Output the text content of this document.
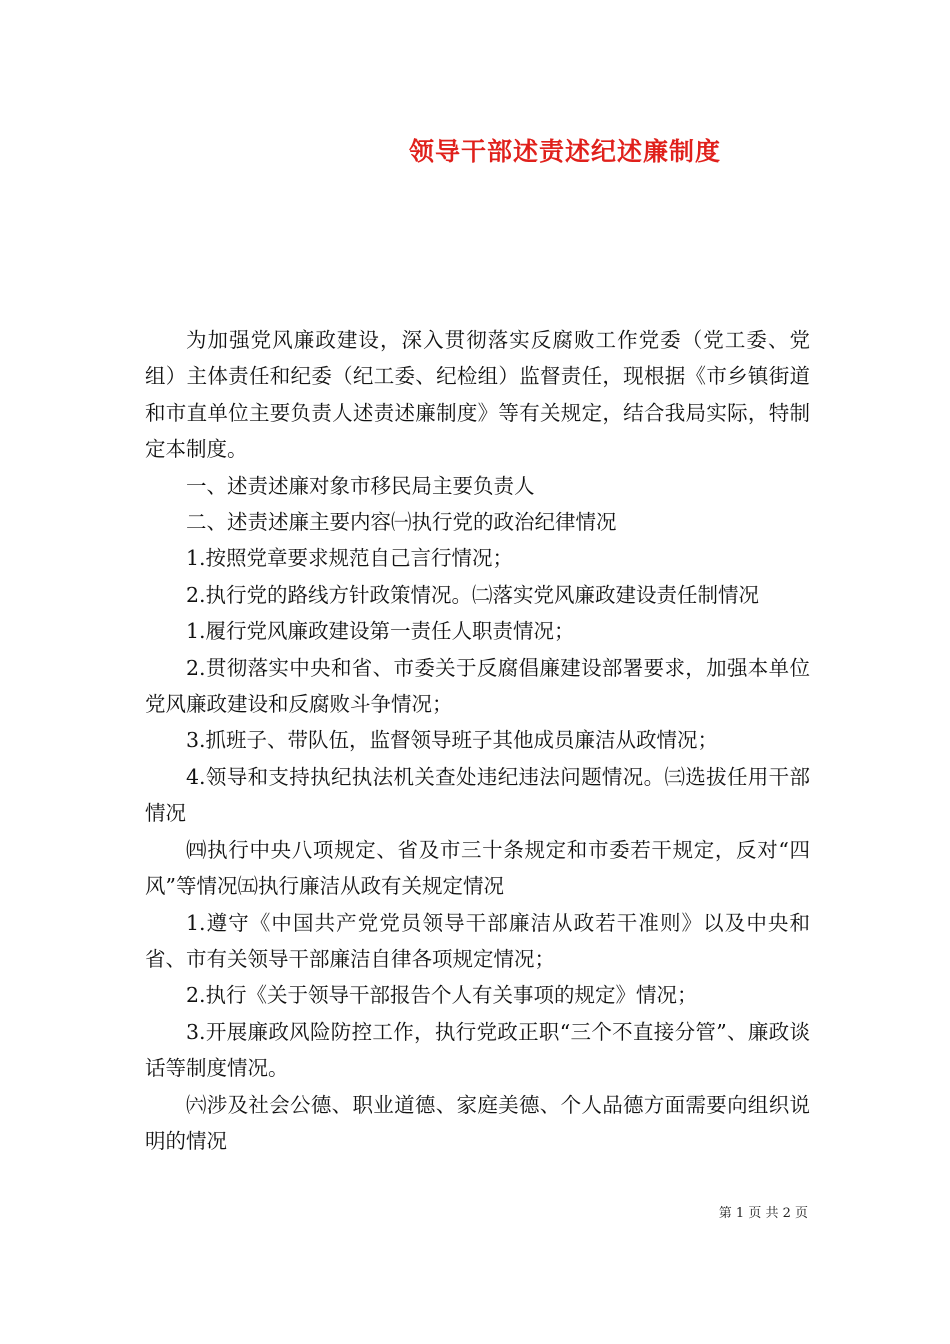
领导干部述责述纪述廉制度

为加强党风廉政建设，深入贯彻落实反腐败工作党委（党工委、党组）主体责任和纪委（纪工委、纪检组）监督责任，现根据《市乡镇街道和市直单位主要负责人述责述廉制度》等有关规定，结合我局实际，特制定本制度。

一、述责述廉对象市移民局主要负责人

二、述责述廉主要内容㈠执行党的政治纪律情况

1.按照党章要求规范自己言行情况；

2.执行党的路线方针政策情况。㈡落实党风廉政建设责任制情况

1.履行党风廉政建设第一责任人职责情况；

2.贯彻落实中央和省、市委关于反腐倡廉建设部署要求，加强本单位党风廉政建设和反腐败斗争情况；

3.抓班子、带队伍，监督领导班子其他成员廉洁从政情况；

4.领导和支持执纪执法机关查处违纪违法问题情况。㈢选拔任用干部情况

㈣执行中央八项规定、省及市三十条规定和市委若干规定，反对“四风”等情况㈤执行廉洁从政有关规定情况

1.遵守《中国共产党党员领导干部廉洁从政若干准则》以及中央和省、市有关领导干部廉洁自律各项规定情况；

2.执行《关于领导干部报告个人有关事项的规定》情况；

3.开展廉政风险防控工作，执行党政正职“三个不直接分管”、廉政谈话等制度情况。

㈥涉及社会公德、职业道德、家庭美德、个人品德方面需要向组织说明的情况

第 1 页 共 2 页
